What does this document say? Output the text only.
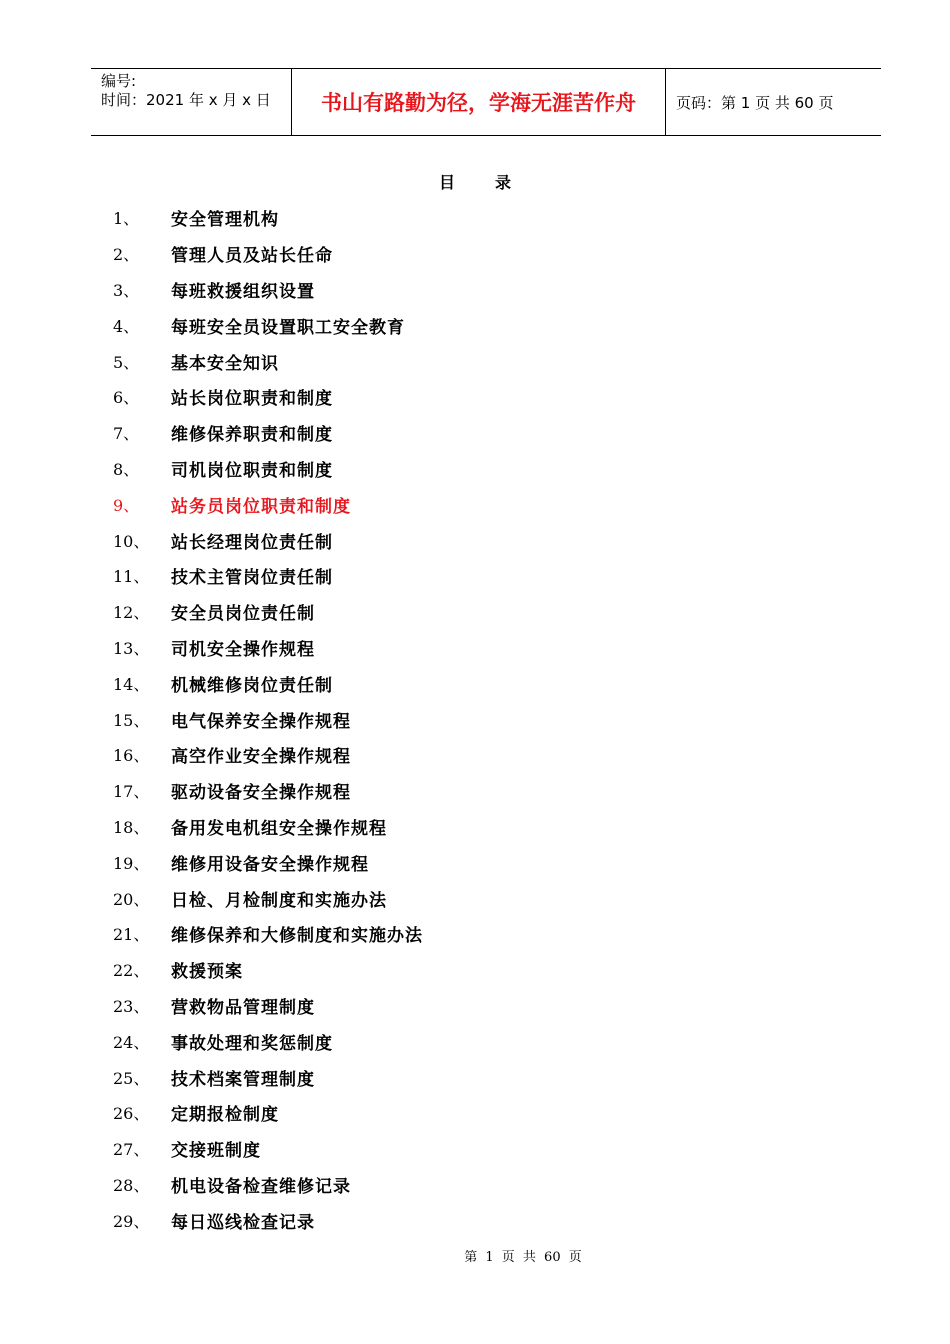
编号:
时间：2021 年 x 月 x 日	书山有路勤为径，学海无涯苦作舟	页码：第 1 页 共 60 页
目录
1、	安全管理机构
2、	管理人员及站长任命
3、	每班救援组织设置
4、	每班安全员设置职工安全教育
5、	基本安全知识
6、	站长岗位职责和制度
7、	维修保养职责和制度
8、	司机岗位职责和制度
9、	站务员岗位职责和制度
10、	站长经理岗位责任制
11、	技术主管岗位责任制
12、	安全员岗位责任制
13、	司机安全操作规程
14、	机械维修岗位责任制
15、	电气保养安全操作规程
16、	高空作业安全操作规程
17、	驱动设备安全操作规程
18、	备用发电机组安全操作规程
19、	维修用设备安全操作规程
20、	日检、月检制度和实施办法
21、	维修保养和大修制度和实施办法
22、	救援预案
23、	营救物品管理制度
24、	事故处理和奖惩制度
25、	技术档案管理制度
26、	定期报检制度
27、	交接班制度
28、	机电设备检查维修记录
29、	每日巡线检查记录
第 1 页 共 60 页
